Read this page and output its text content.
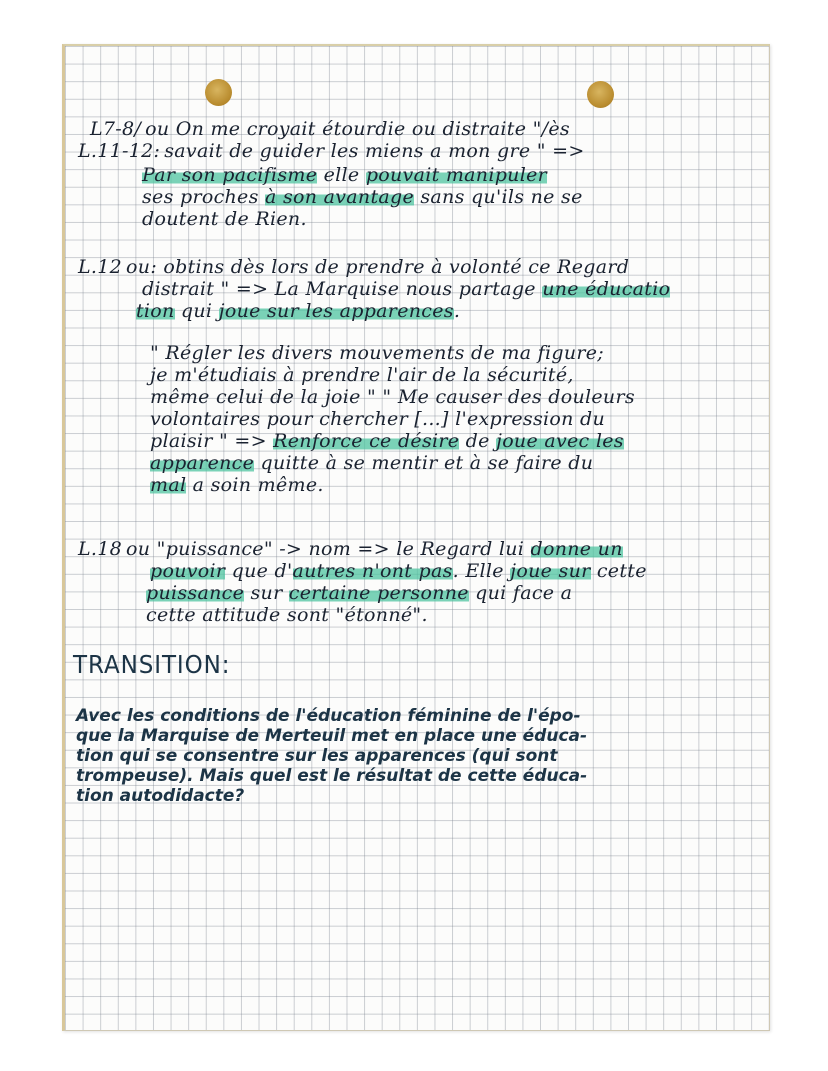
L7-8/ ou On me croyait étourdie ou distraite "/ès
L.11-12: savait de guider les miens a mon gre " =>
Par son pacifisme elle pouvait manipuler
ses proches à son avantage sans qu'ils ne se
doutent de Rien.
L.12 ou: obtins dès lors de prendre à volonté ce Regard
distrait " => La Marquise nous partage une éducatio
tion qui joue sur les apparences.
" Régler les divers mouvements de ma figure;
je m'étudiais à prendre l'air de la sécurité,
même celui de la joie " " Me causer des douleurs
volontaires pour chercher [...] l'expression du
plaisir " => Renforce ce désire de joue avec les
apparence quitte à se mentir et à se faire du
mal a soin même.
L.18 ou "puissance" -> nom => le Regard lui donne un
pouvoir que d'autres n'ont pas. Elle joue sur cette
puissance sur certaine personne qui face a
cette attitude sont "étonné".
TRANSITION:
Avec les conditions de l'éducation féminine de l'épo-
que la Marquise de Merteuil met en place une éduca-
tion qui se consentre sur les apparences (qui sont
trompeuse). Mais quel est le résultat de cette éduca-
tion autodidacte?
